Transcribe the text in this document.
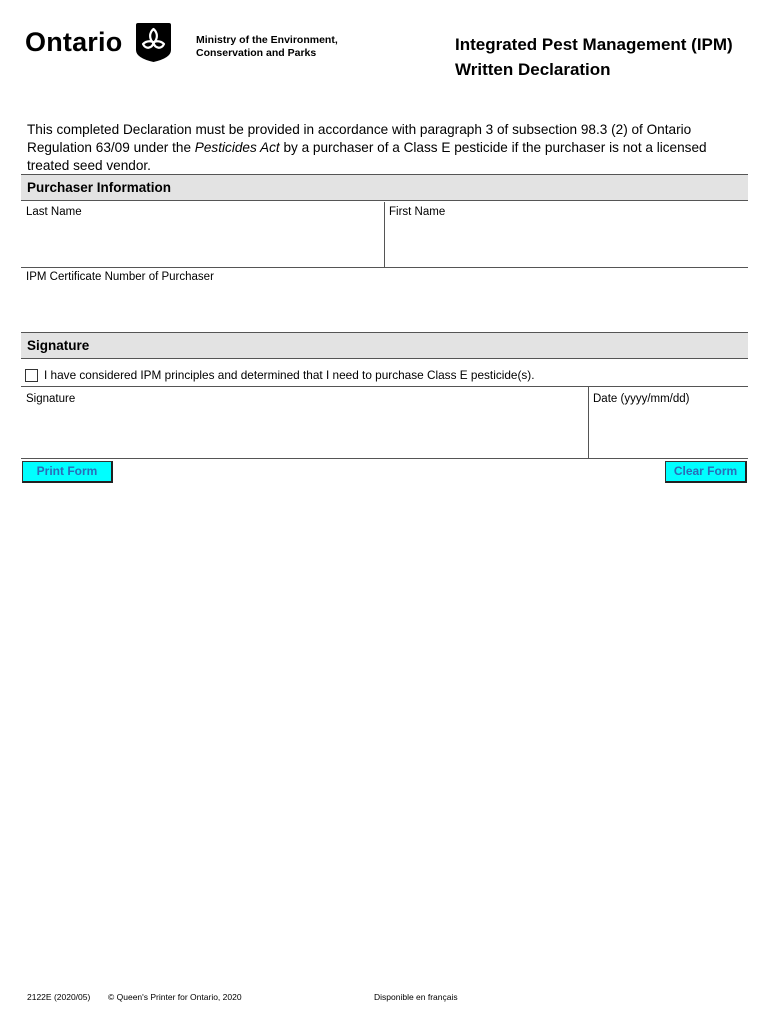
Ontario	Ministry of the Environment,
Conservation and Parks	Integrated Pest Management (IPM)
Written Declaration
This completed Declaration must be provided in accordance with paragraph 3 of subsection 98.3 (2) of Ontario Regulation 63/09 under the Pesticides Act by a purchaser of a Class E pesticide if the purchaser is not a licensed treated seed vendor.
Purchaser Information
Last Name	First Name
IPM Certificate Number of Purchaser
Signature
I have considered IPM principles and determined that I need to purchase Class E pesticide(s).
Signature	Date (yyyy/mm/dd)
Print Form	Clear Form
2122E (2020/05) © Queen's Printer for Ontario, 2020	Disponible en français
